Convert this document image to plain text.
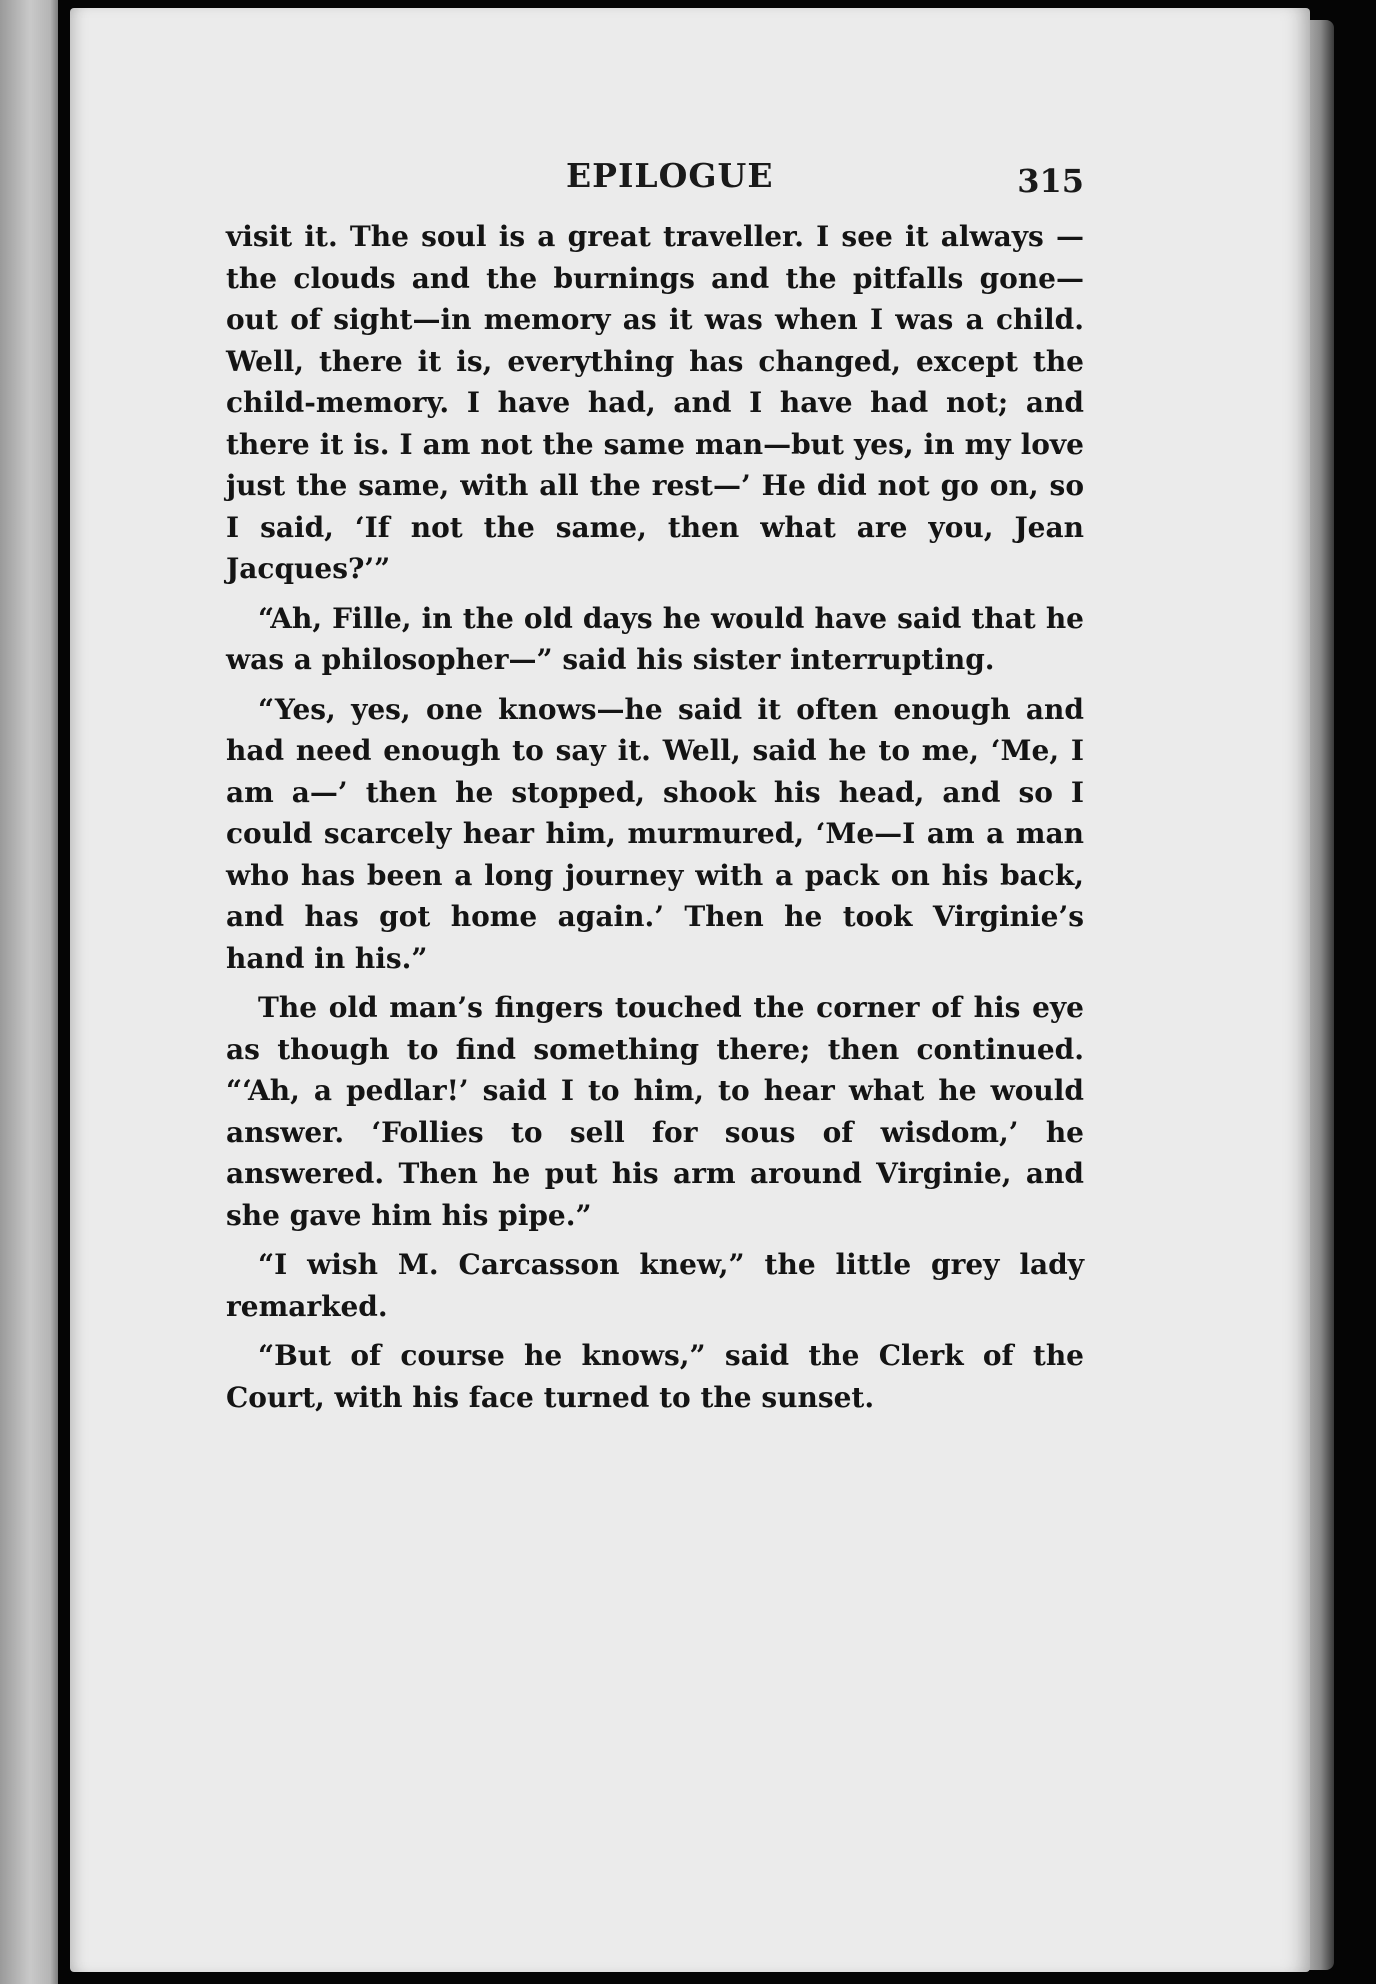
EPILOGUE	315

visit it. The soul is a great traveller. I see it always —the clouds and the burnings and the pitfalls gone— out of sight—in memory as it was when I was a child. Well, there it is, everything has changed, except the child-memory. I have had, and I have had not; and there it is. I am not the same man—but yes, in my love just the same, with all the rest—’ He did not go on, so I said, ‘If not the same, then what are you, Jean Jacques?’”

“Ah, Fille, in the old days he would have said that he was a philosopher—” said his sister interrupting.

“Yes, yes, one knows—he said it often enough and had need enough to say it. Well, said he to me, ‘Me, I am a—’ then he stopped, shook his head, and so I could scarcely hear him, murmured, ‘Me—I am a man who has been a long journey with a pack on his back, and has got home again.’ Then he took Virginie’s hand in his.”

The old man’s fingers touched the corner of his eye as though to find something there; then continued. “‘Ah, a pedlar!’ said I to him, to hear what he would answer. ‘Follies to sell for sous of wisdom,’ he answered. Then he put his arm around Virginie, and she gave him his pipe.”

“I wish M. Carcasson knew,” the little grey lady remarked.

“But of course he knows,” said the Clerk of the Court, with his face turned to the sunset.
